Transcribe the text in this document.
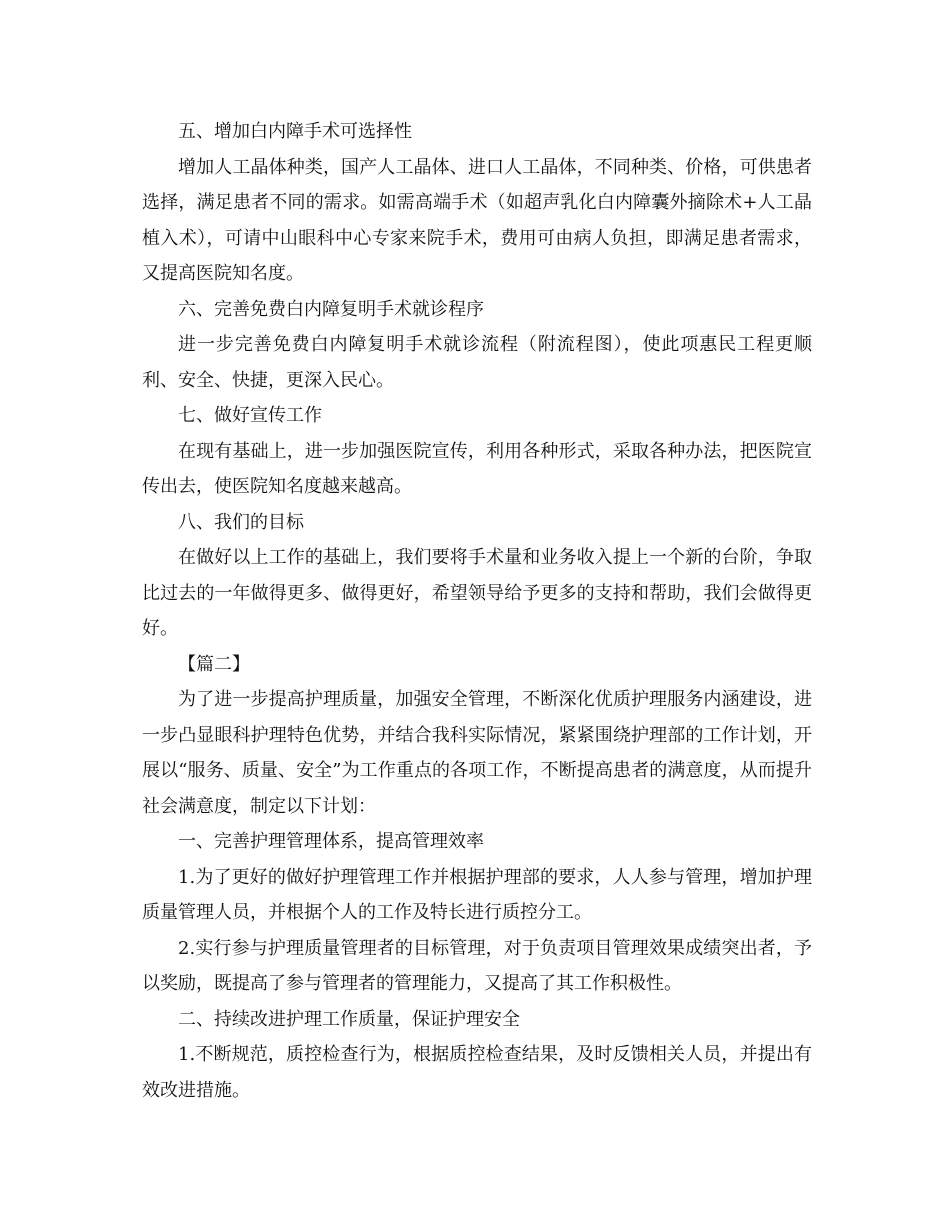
五、增加白内障手术可选择性

增加人工晶体种类，国产人工晶体、进口人工晶体，不同种类、价格，可供患者选择，满足患者不同的需求。如需高端手术（如超声乳化白内障囊外摘除术+人工晶植入术），可请中山眼科中心专家来院手术，费用可由病人负担，即满足患者需求，又提高医院知名度。

六、完善免费白内障复明手术就诊程序

进一步完善免费白内障复明手术就诊流程（附流程图），使此项惠民工程更顺利、安全、快捷，更深入民心。

七、做好宣传工作

在现有基础上，进一步加强医院宣传，利用各种形式，采取各种办法，把医院宣传出去，使医院知名度越来越高。

八、我们的目标

在做好以上工作的基础上，我们要将手术量和业务收入提上一个新的台阶，争取比过去的一年做得更多、做得更好，希望领导给予更多的支持和帮助，我们会做得更好。

【篇二】

为了进一步提高护理质量，加强安全管理，不断深化优质护理服务内涵建设，进一步凸显眼科护理特色优势，并结合我科实际情况，紧紧围绕护理部的工作计划，开展以“服务、质量、安全”为工作重点的各项工作，不断提高患者的满意度，从而提升社会满意度，制定以下计划：

一、完善护理管理体系，提高管理效率

1.为了更好的做好护理管理工作并根据护理部的要求，人人参与管理，增加护理质量管理人员，并根据个人的工作及特长进行质控分工。

2.实行参与护理质量管理者的目标管理，对于负责项目管理效果成绩突出者，予以奖励，既提高了参与管理者的管理能力，又提高了其工作积极性。

二、持续改进护理工作质量，保证护理安全

1.不断规范，质控检查行为，根据质控检查结果，及时反馈相关人员，并提出有效改进措施。
